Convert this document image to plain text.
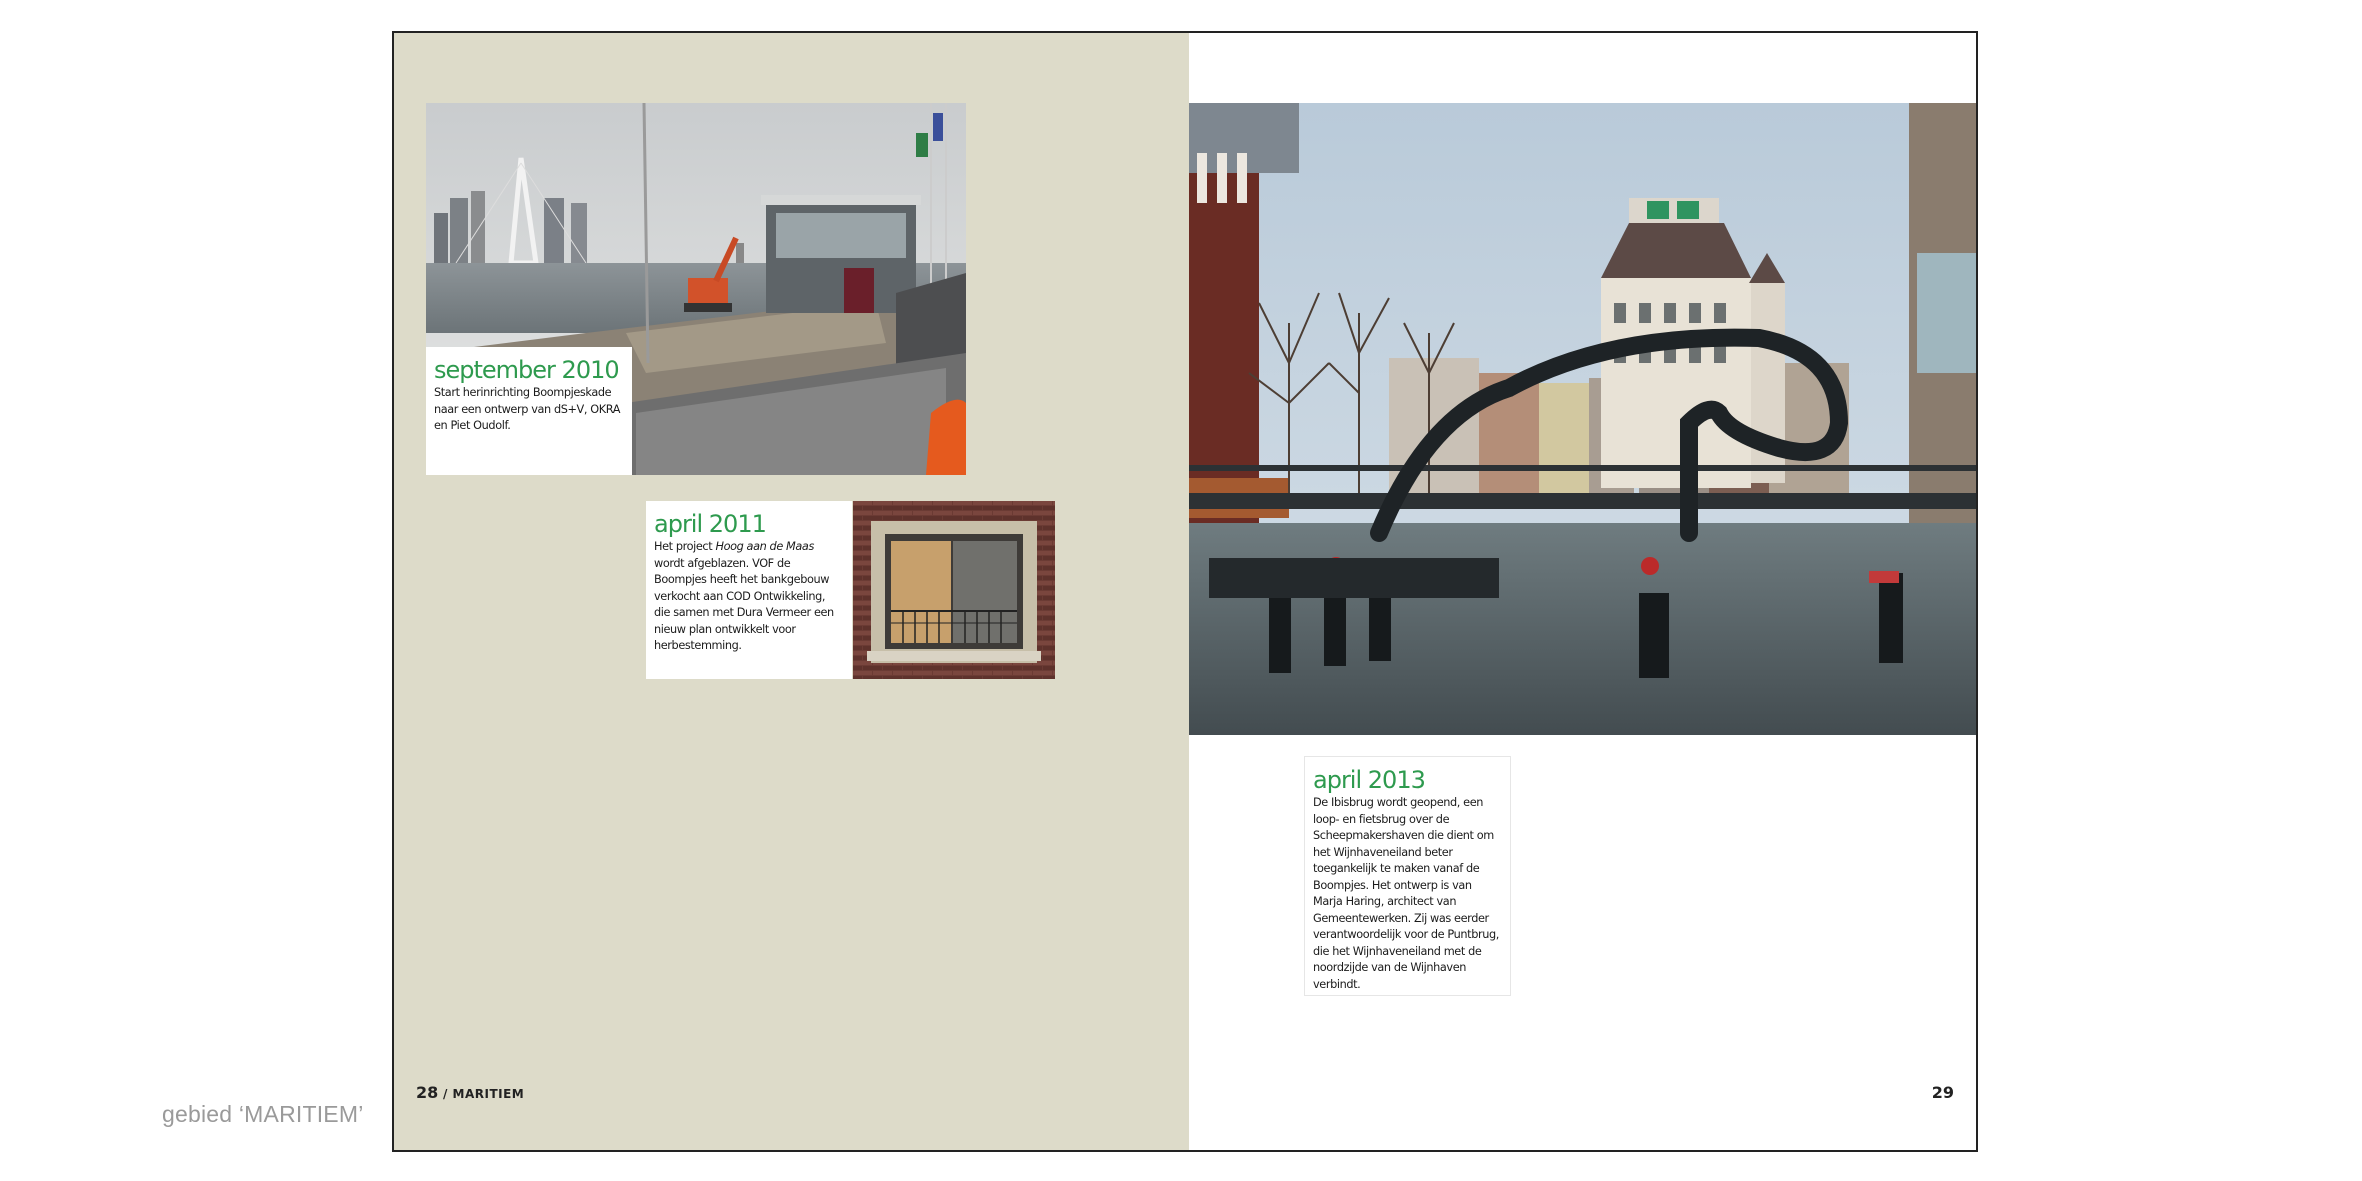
gebied ‘MARITIEM’
september 2010
Start herinrichting Boompjeskade naar een ontwerp van dS+V, OKRA en Piet Oudolf.
april 2011
Het project Hoog aan de Maas wordt afgeblazen. VOF de Boompjes heeft het bankgebouw verkocht aan COD Ontwikkeling, die samen met Dura Vermeer een nieuw plan ontwikkelt voor herbestemming.
28 / MARITIEM
april 2013
De Ibisbrug wordt geopend, een loop- en fietsbrug over de Scheepmakershaven die dient om het Wijnhaveneiland beter toegankelijk te maken vanaf de Boompjes. Het ontwerp is van Marja Haring, architect van Gemeentewerken. Zij was eerder verantwoordelijk voor de Puntbrug, die het Wijnhaveneiland met de noordzijde van de Wijnhaven verbindt.
29
